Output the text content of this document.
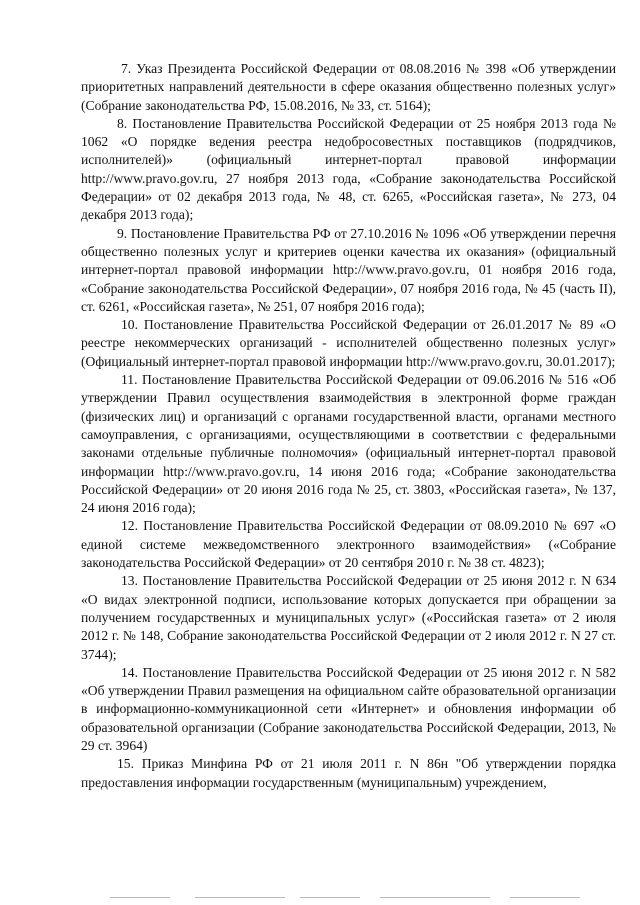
7. Указ Президента Российской Федерации от 08.08.2016 № 398 «Об утверждении приоритетных направлений деятельности в сфере оказания общественно полезных услуг» (Собрание законодательства РФ, 15.08.2016, № 33, ст. 5164);

8. Постановление Правительства Российской Федерации от 25 ноября 2013 года № 1062 «О порядке ведения реестра недобросовестных поставщиков (подрядчиков, исполнителей)» (официальный интернет-портал правовой информации http://www.pravo.gov.ru, 27 ноября 2013 года, «Собрание законодательства Российской Федерации» от 02 декабря 2013 года, № 48, ст. 6265, «Российская газета», № 273, 04 декабря 2013 года);

9. Постановление Правительства РФ от 27.10.2016 № 1096 «Об утверждении перечня общественно полезных услуг и критериев оценки качества их оказания» (официальный интернет-портал правовой информации http://www.pravo.gov.ru, 01 ноября 2016 года, «Собрание законодательства Российской Федерации», 07 ноября 2016 года, № 45 (часть II), ст. 6261, «Российская газета», № 251, 07 ноября 2016 года);

10. Постановление Правительства Российской Федерации от 26.01.2017 № 89 «О реестре некоммерческих организаций - исполнителей общественно полезных услуг» (Официальный интернет-портал правовой информации http://www.pravo.gov.ru, 30.01.2017);

11. Постановление Правительства Российской Федерации от 09.06.2016 № 516 «Об утверждении Правил осуществления взаимодействия в электронной форме граждан (физических лиц) и организаций с органами государственной власти, органами местного самоуправления, с организациями, осуществляющими в соответствии с федеральными законами отдельные публичные полномочия» (официальный интернет-портал правовой информации http://www.pravo.gov.ru, 14 июня 2016 года; «Собрание законодательства Российской Федерации» от 20 июня 2016 года № 25, ст. 3803, «Российская газета», № 137, 24 июня 2016 года);

12. Постановление Правительства Российской Федерации от 08.09.2010 № 697 «О единой системе межведомственного электронного взаимодействия» («Собрание законодательства Российской Федерации» от 20 сентября 2010 г. № 38 ст. 4823);

13. Постановление Правительства Российской Федерации от 25 июня 2012 г. N 634 «О видах электронной подписи, использование которых допускается при обращении за получением государственных и муниципальных услуг» («Российская газета» от 2 июля 2012 г. № 148, Собрание законодательства Российской Федерации от 2 июля 2012 г. N 27 ст. 3744);

14. Постановление Правительства Российской Федерации от 25 июня 2012 г. N 582 «Об утверждении Правил размещения на официальном сайте образовательной организации в информационно-коммуникационной сети «Интернет» и обновления информации об образовательной организации (Собрание законодательства Российской Федерации, 2013, № 29 ст. 3964)

15. Приказ Минфина РФ от 21 июля 2011 г. N 86н "Об утверждении порядка предоставления информации государственным (муниципальным) учреждением,
